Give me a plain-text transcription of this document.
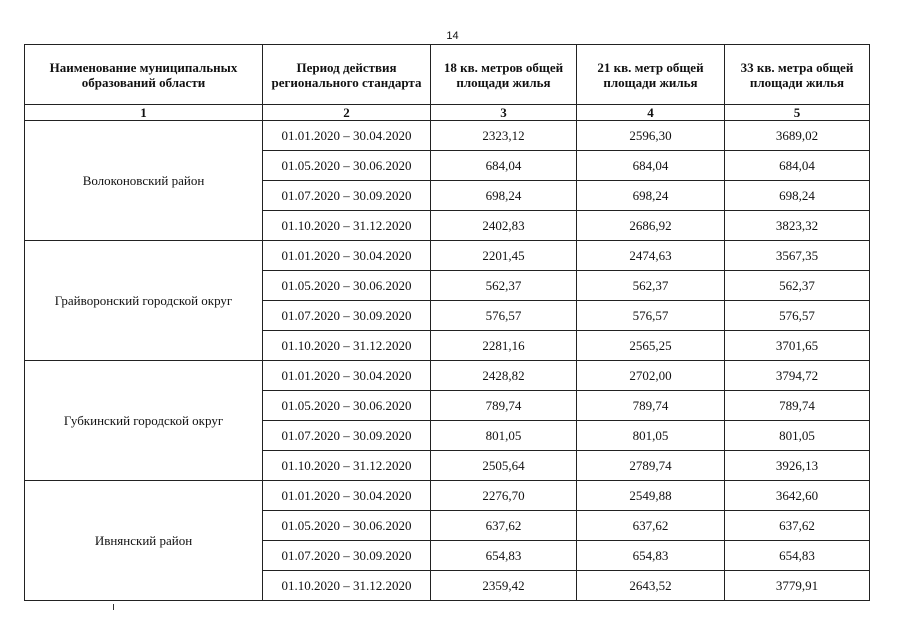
14
Наименование муниципальных образований области	Период действия регионального стандарта	18 кв. метров общей площади жилья	21 кв. метр общей площади жилья	33 кв. метра общей площади жилья
1	2	3	4	5
Волоконовский район	01.01.2020 – 30.04.2020	2323,12	2596,30	3689,02
	01.05.2020 – 30.06.2020	684,04	684,04	684,04
	01.07.2020 – 30.09.2020	698,24	698,24	698,24
	01.10.2020 – 31.12.2020	2402,83	2686,92	3823,32
Грайворонский городской округ	01.01.2020 – 30.04.2020	2201,45	2474,63	3567,35
	01.05.2020 – 30.06.2020	562,37	562,37	562,37
	01.07.2020 – 30.09.2020	576,57	576,57	576,57
	01.10.2020 – 31.12.2020	2281,16	2565,25	3701,65
Губкинский городской округ	01.01.2020 – 30.04.2020	2428,82	2702,00	3794,72
	01.05.2020 – 30.06.2020	789,74	789,74	789,74
	01.07.2020 – 30.09.2020	801,05	801,05	801,05
	01.10.2020 – 31.12.2020	2505,64	2789,74	3926,13
Ивнянский район	01.01.2020 – 30.04.2020	2276,70	2549,88	3642,60
	01.05.2020 – 30.06.2020	637,62	637,62	637,62
	01.07.2020 – 30.09.2020	654,83	654,83	654,83
	01.10.2020 – 31.12.2020	2359,42	2643,52	3779,91
